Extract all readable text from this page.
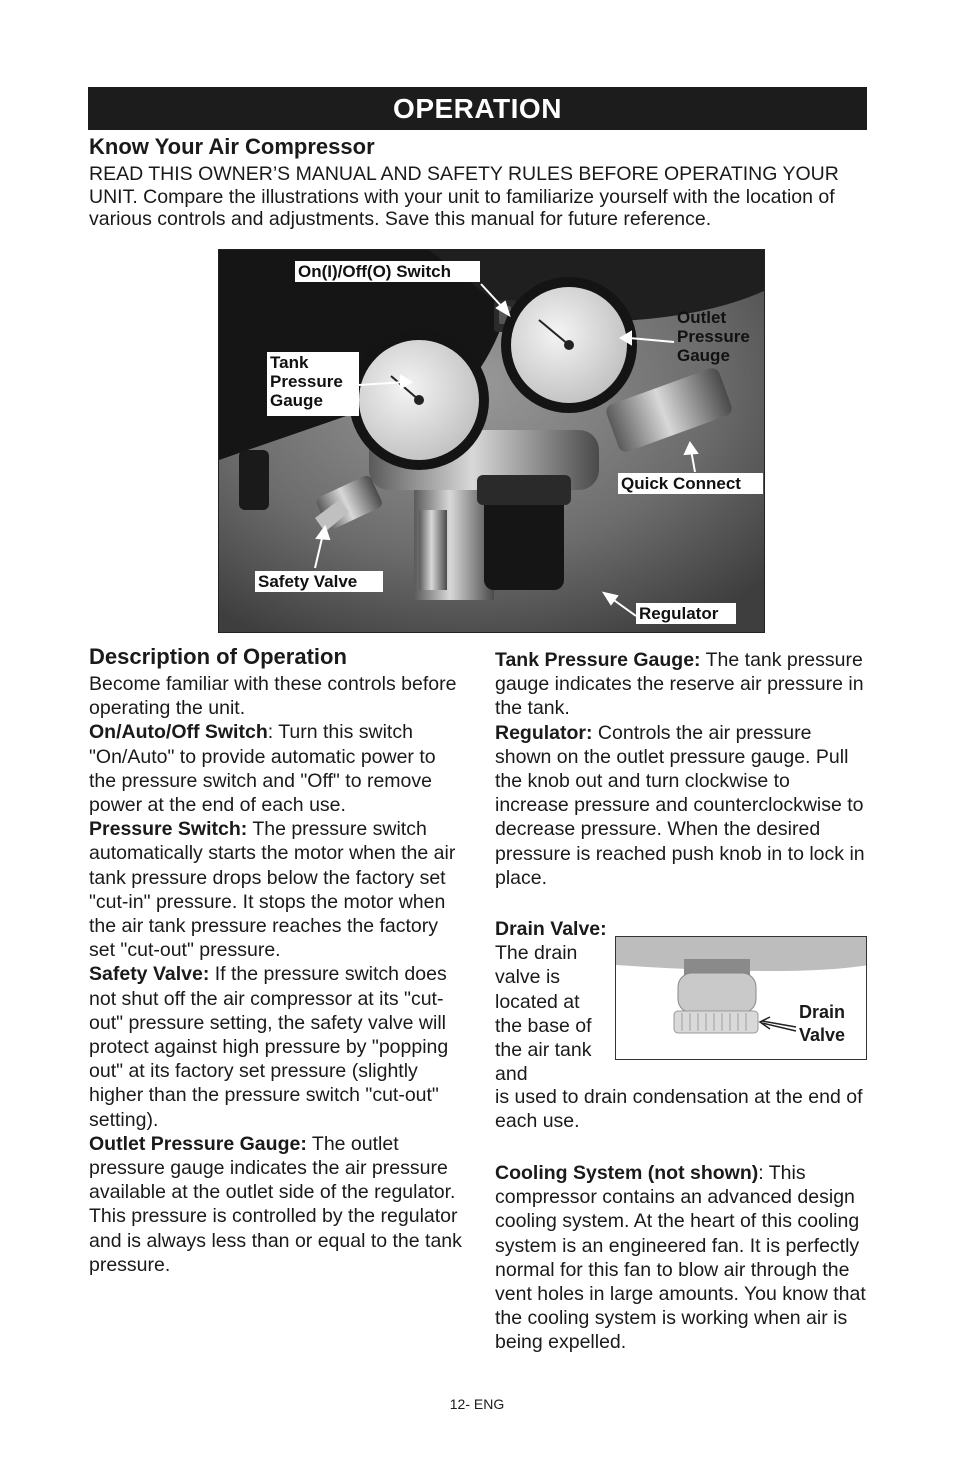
OPERATION
Know Your Air Compressor
READ THIS OWNER’S MANUAL AND SAFETY RULES BEFORE OPERATING YOUR UNIT. Compare the illustrations with your unit to familiarize yourself with the location of various controls and adjustments. Save this manual for future reference.
On(I)/Off(O) Switch
Tank Pressure Gauge
Outlet Pressure Gauge
Quick Connect
Safety Valve
Regulator
Description of Operation

Become familiar with these controls before operating the unit.

On/Auto/Off Switch: Turn this switch "On/Auto" to provide automatic power to the pressure switch and "Off" to remove power at the end of each use.

Pressure Switch: The pressure switch automatically starts the motor when the air tank pressure drops below the factory set "cut-in" pressure. It stops the motor when the air tank pressure reaches the factory set "cut-out" pressure.

Safety Valve: If the pressure switch does not shut off the air compressor at its "cut-out" pressure setting, the safety valve will protect against high pressure by "popping out" at its factory set pressure (slightly higher than the pressure switch "cut-out" setting).

Outlet Pressure Gauge: The outlet pressure gauge indicates the air pressure available at the outlet side of the regulator. This pressure is controlled by the regulator and is always less than or equal to the tank pressure.

Tank Pressure Gauge: The tank pressure gauge indicates the reserve air pressure in the tank.

Regulator: Controls the air pressure shown on the outlet pressure gauge. Pull the knob out and turn clockwise to increase pressure and counterclockwise to decrease pressure. When the desired pressure is reached push knob in to lock in place.

Drain Valve: The drain valve is located at the base of the air tank and
Drain Valve
is used to drain condensation at the end of each use.
Cooling System (not shown): This compressor contains an advanced design cooling system. At the heart of this cooling system is an engineered fan. It is perfectly normal for this fan to blow air through the vent holes in large amounts. You know that the cooling system is working when air is being expelled.
12- ENG
